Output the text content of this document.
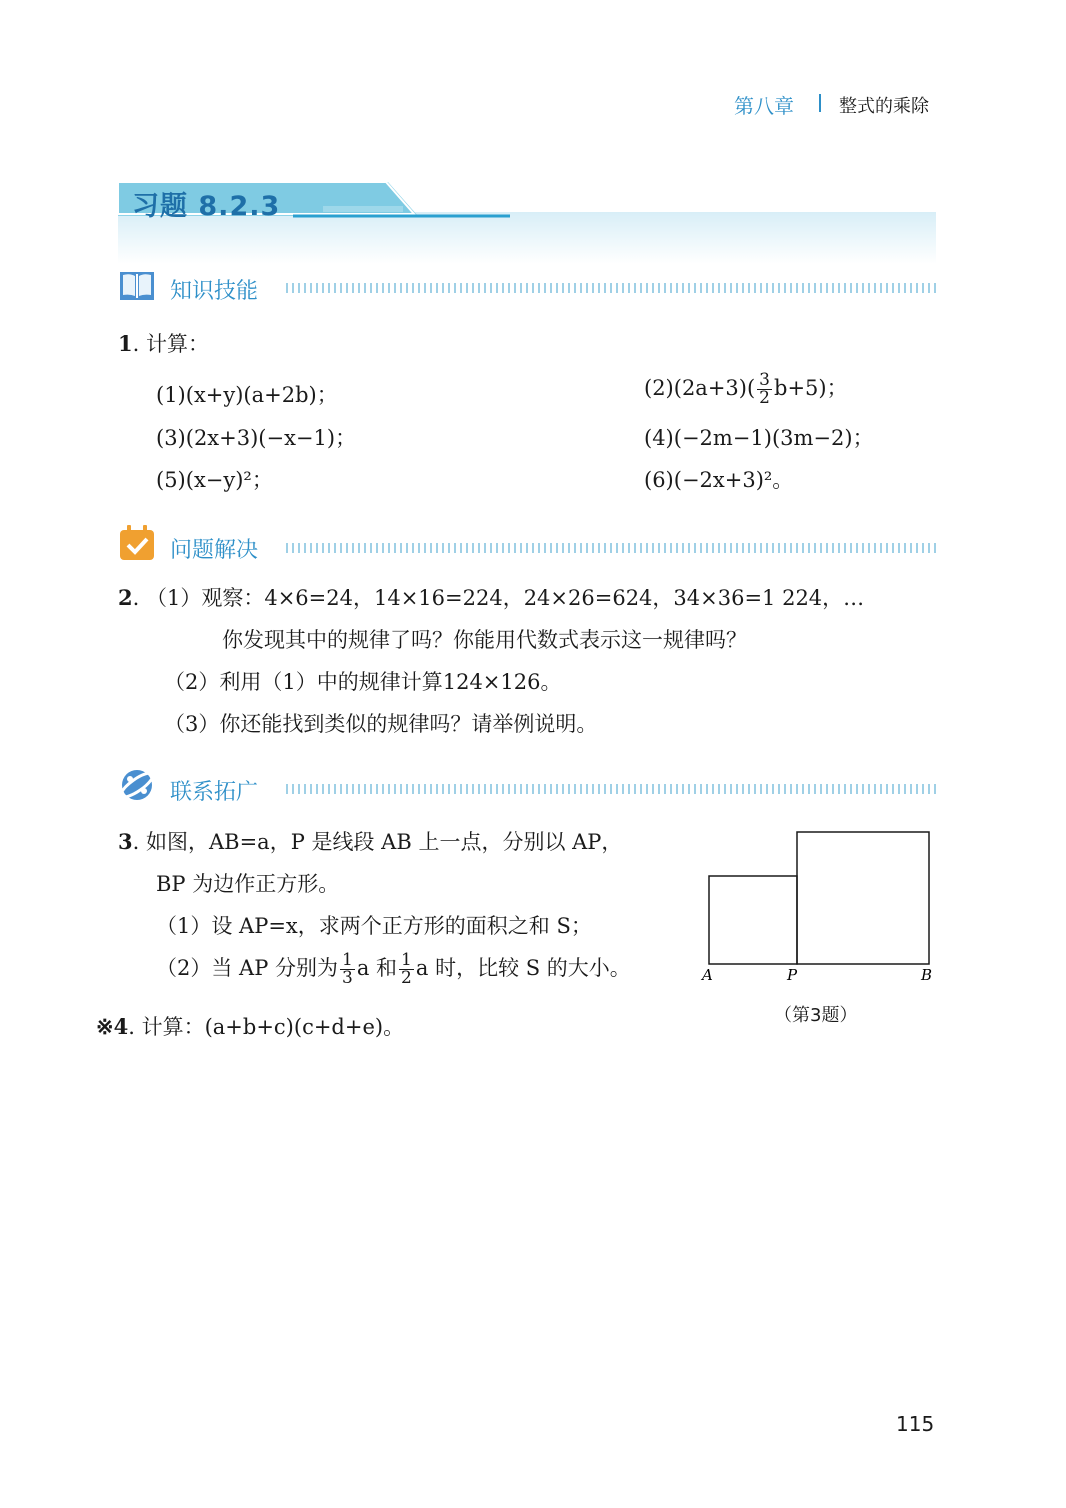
第八章	整式的乘除
习题 8.2.3
知识技能
1. 计算：
(1)(x+y)(a+2b)；	$(2)(2a+3)( \frac{3}{2} b+5)$；
(3)(2x+3)(−x−1)；	(4)(−2m−1)(3m−2)；
(5)(x−y)²；	(6)(−2x+3)²。
问题解决
2. （1）观察：4×6=24，14×16=224，24×26=624，34×36=1 224，…
你发现其中的规律了吗？你能用代数式表示这一规律吗？
（2）利用（1）中的规律计算124×126。
（3）你还能找到类似的规律吗？请举例说明。
联系拓广
3. 如图，AB=a，P 是线段 AB 上一点，分别以 AP，
BP 为边作正方形。
（1）设 AP=x，求两个正方形的面积之和 S；
（2）当 AP 分别为 $\frac{1}{3}$ a 和 $\frac{1}{2}$ a 时，比较 S 的大小。
※4. 计算：(a+b+c)(c+d+e)。
A	P	B
（第3题）
115
